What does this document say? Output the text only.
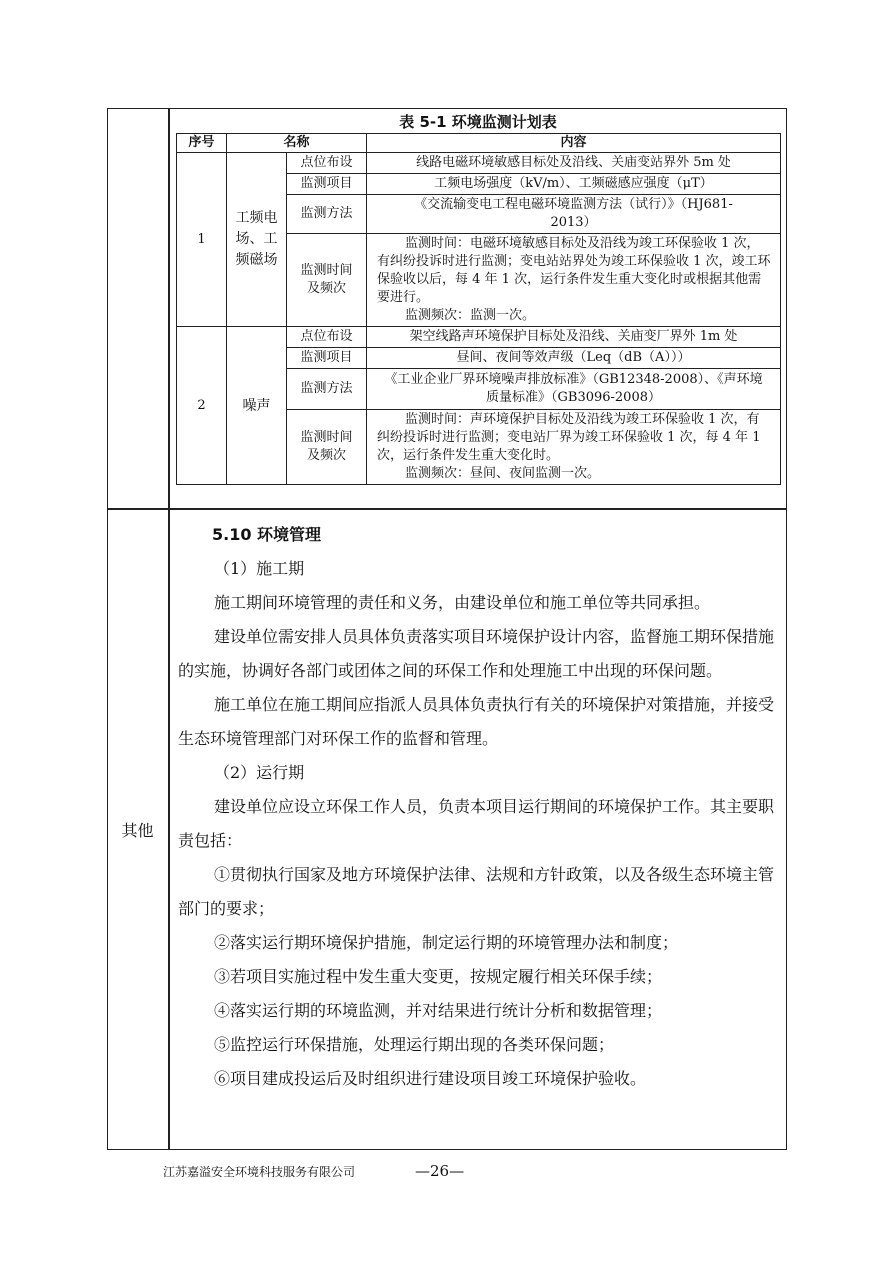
表 5-1 环境监测计划表
序号	名称		内容
1	工频电场、工频磁场	点位布设	线路电磁环境敏感目标处及沿线、关庙变站界外 5m 处
		监测项目	工频电场强度（kV/m）、工频磁感应强度（μT）
		监测方法	《交流输变电工程电磁环境监测方法（试行）》（HJ681-2013）
		监测时间及频次	监测时间：电磁环境敏感目标处及沿线为竣工环保验收 1 次，有纠纷投诉时进行监测；变电站站界处为竣工环保验收 1 次，竣工环保验收以后，每 4 年 1 次，运行条件发生重大变化时或根据其他需要进行。
监测频次：监测一次。

2	噪声	点位布设	架空线路声环境保护目标处及沿线、关庙变厂界外 1m 处
		监测项目	昼间、夜间等效声级（Leq（dB（A）））
		监测方法	《工业企业厂界环境噪声排放标准》（GB12348-2008）、《声环境质量标准》（GB3096-2008）
		监测时间及频次	监测时间：声环境保护目标处及沿线为竣工环保验收 1 次，有纠纷投诉时进行监测；变电站厂界为竣工环保验收 1 次，每 4 年 1 次，运行条件发生重大变化时。
监测频次：昼间、夜间监测一次。
其他

5.10 环境管理

（1）施工期

施工期间环境管理的责任和义务，由建设单位和施工单位等共同承担。

建设单位需安排人员具体负责落实项目环境保护设计内容，监督施工期环保措施的实施，协调好各部门或团体之间的环保工作和处理施工中出现的环保问题。

施工单位在施工期间应指派人员具体负责执行有关的环境保护对策措施，并接受生态环境管理部门对环保工作的监督和管理。

（2）运行期

建设单位应设立环保工作人员，负责本项目运行期间的环境保护工作。其主要职责包括：

①贯彻执行国家及地方环境保护法律、法规和方针政策，以及各级生态环境主管部门的要求；

②落实运行期环境保护措施，制定运行期的环境管理办法和制度；

③若项目实施过程中发生重大变更，按规定履行相关环保手续；

④落实运行期的环境监测，并对结果进行统计分析和数据管理；

⑤监控运行环保措施，处理运行期出现的各类环保问题；

⑥项目建成投运后及时组织进行建设项目竣工环境保护验收。

江苏嘉溢安全环境科技服务有限公司	—26—
